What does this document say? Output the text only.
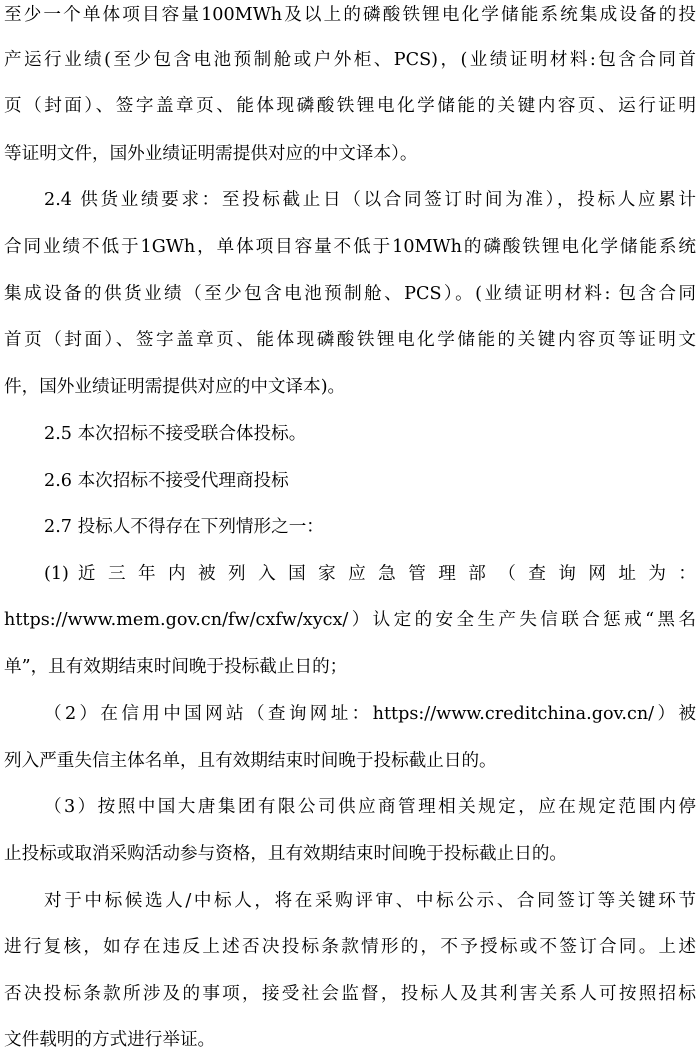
至少一个单体项目容量100MWh及以上的磷酸铁锂电化学储能系统集成设备的投
产运行业绩(至少包含电池预制舱或户外柜、PCS)，(业绩证明材料:包含合同首
页（封面）、签字盖章页、能体现磷酸铁锂电化学储能的关键内容页、运行证明
等证明文件，国外业绩证明需提供对应的中文译本）。
2.4 供货业绩要求：至投标截止日（以合同签订时间为准），投标人应累计
合同业绩不低于1GWh，单体项目容量不低于10MWh的磷酸铁锂电化学储能系统
集成设备的供货业绩（至少包含电池预制舱、PCS）。(业绩证明材料: 包含合同
首页（封面）、签字盖章页、能体现磷酸铁锂电化学储能的关键内容页等证明文
件，国外业绩证明需提供对应的中文译本)。
2.5 本次招标不接受联合体投标。
2.6 本次招标不接受代理商投标
2.7 投标人不得存在下列情形之一：
(1) 近 三 年 内 被 列 入 国 家 应 急 管 理 部 （ 查 询 网 址 为 ：
https://www.mem.gov.cn/fw/cxfw/xycx/）认定的安全生产失信联合惩戒“黑名
单”，且有效期结束时间晚于投标截止日的；
（2）在信用中国网站（查询网址：https://www.creditchina.gov.cn/）被
列入严重失信主体名单，且有效期结束时间晚于投标截止日的。
（3）按照中国大唐集团有限公司供应商管理相关规定，应在规定范围内停
止投标或取消采购活动参与资格，且有效期结束时间晚于投标截止日的。
对于中标候选人/中标人，将在采购评审、中标公示、合同签订等关键环节
进行复核，如存在违反上述否决投标条款情形的，不予授标或不签订合同。上述
否决投标条款所涉及的事项，接受社会监督，投标人及其利害关系人可按照招标
文件载明的方式进行举证。
